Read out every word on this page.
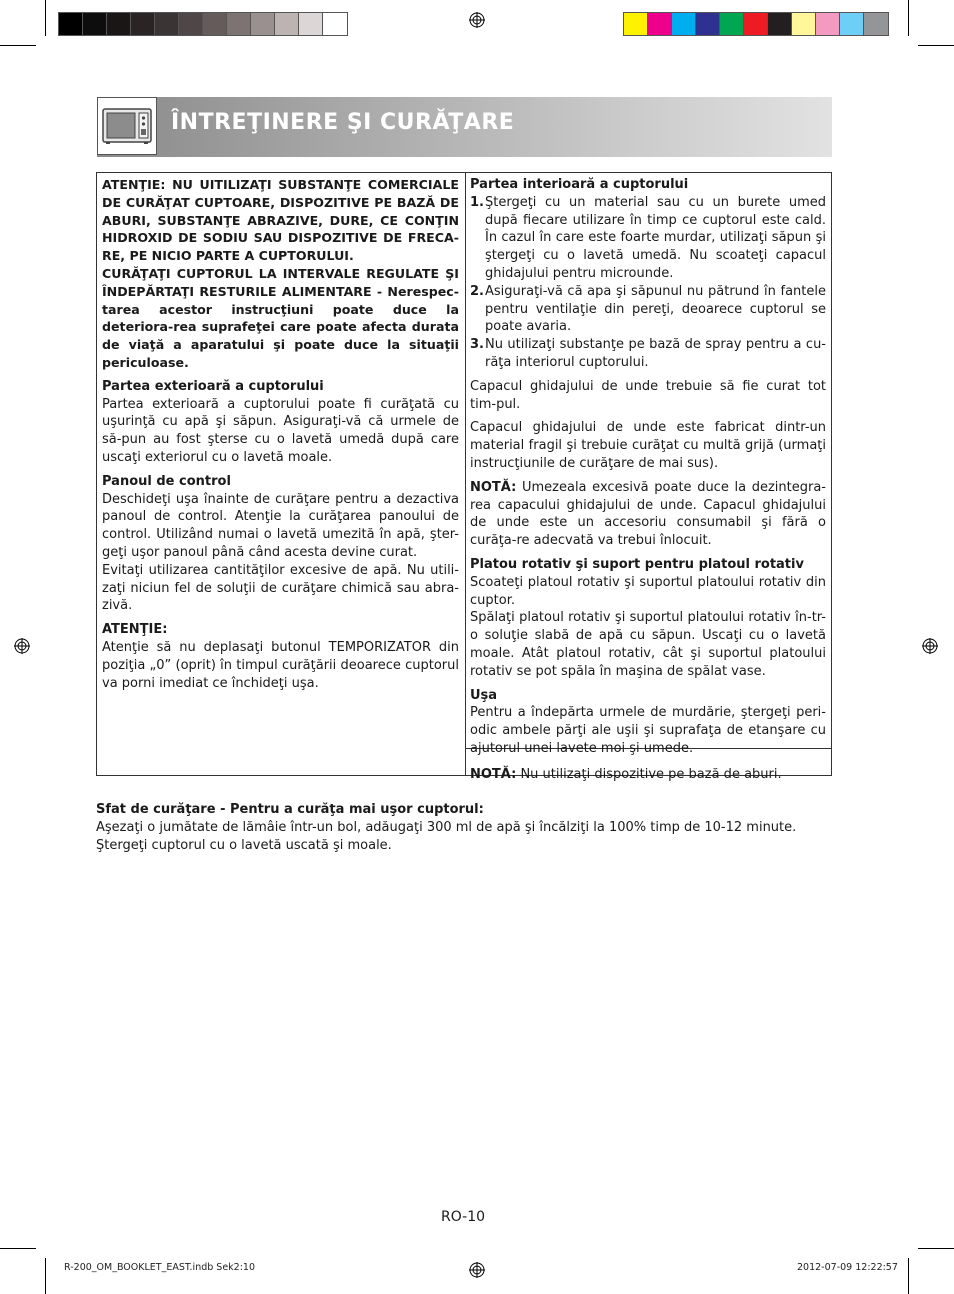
ÎNTREŢINERE ŞI CURĂŢARE

ATENŢIE: NU UITILIZAŢI SUBSTANŢE COMERCIALE DE CURĂŢAT CUPTOARE, DISPOZITIVE PE BAZĂ DE ABURI, SUBSTANŢE ABRAZIVE, DURE, CE CONŢIN HIDROXID DE SODIU SAU DISPOZITIVE DE FRECA-RE, PE NICIO PARTE A CUPTORULUI.

CURĂŢAŢI CUPTORUL LA INTERVALE REGULATE ŞI ÎNDEPĂRTAŢI RESTURILE ALIMENTARE - Nerespec-tarea acestor instrucţiuni poate duce la deteriora-rea suprafeţei care poate afecta durata de viaţă a aparatului şi poate duce la situaţii periculoase.

Partea exterioară a cuptorului

Partea exterioară a cuptorului poate fi curăţată cu uşurinţă cu apă şi săpun. Asiguraţi-vă că urmele de să-pun au fost şterse cu o lavetă umedă după care uscaţi exteriorul cu o lavetă moale.

Panoul de control

Deschideţi uşa înainte de curăţare pentru a dezactiva panoul de control. Atenţie la curăţarea panoului de control. Utilizând numai o lavetă umezită în apă, şter-geţi uşor panoul până când acesta devine curat.

Evitaţi utilizarea cantităţilor excesive de apă. Nu utili-zaţi niciun fel de soluţii de curăţare chimică sau abra-zivă.

ATENŢIE:

Atenţie să nu deplasaţi butonul TEMPORIZATOR din poziţia „0” (oprit) în timpul curăţării deoarece cuptorul va porni imediat ce închideţi uşa.

Partea interioară a cuptorului

1. Ştergeţi cu un material sau cu un burete umed după fiecare utilizare în timp ce cuptorul este cald. În cazul în care este foarte murdar, utilizaţi săpun şi ştergeţi cu o lavetă umedă. Nu scoateţi capacul ghidajului pentru microunde.
2. Asiguraţi-vă că apa şi săpunul nu pătrund în fantele pentru ventilaţie din pereţi, deoarece cuptorul se poate avaria.
3. Nu utilizaţi substanţe pe bază de spray pentru a cu-răţa interiorul cuptorului.

Capacul ghidajului de unde trebuie să fie curat tot tim-pul.

Capacul ghidajului de unde este fabricat dintr-un material fragil şi trebuie curăţat cu multă grijă (urmaţi instrucţiunile de curăţare de mai sus).

NOTĂ: Umezeala excesivă poate duce la dezintegra-rea capacului ghidajului de unde. Capacul ghidajului de unde este un accesoriu consumabil şi fără o curăţa-re adecvată va trebui înlocuit.

Platou rotativ şi suport pentru platoul rotativ

Scoateţi platoul rotativ şi suportul platoului rotativ din cuptor.

Spălaţi platoul rotativ şi suportul platoului rotativ în-tr-o soluţie slabă de apă cu săpun. Uscaţi cu o lavetă moale. Atât platoul rotativ, cât şi suportul platoului rotativ se pot spăla în maşina de spălat vase.

Uşa

Pentru a îndepărta urmele de murdărie, ştergeţi peri-odic ambele părţi ale uşii şi suprafaţa de etanşare cu ajutorul unei lavete moi şi umede.

NOTĂ: Nu utilizaţi dispozitive pe bază de aburi.

Sfat de curăţare - Pentru a curăţa mai uşor cuptorul:

Aşezaţi o jumătate de lămâie într-un bol, adăugaţi 300 ml de apă şi încălziţi la 100% timp de 10-12 minute.

Ştergeţi cuptorul cu o lavetă uscată şi moale.

RO-10
R-200_OM_BOOKLET_EAST.indb Sek2:10	2012-07-09 12:22:57
